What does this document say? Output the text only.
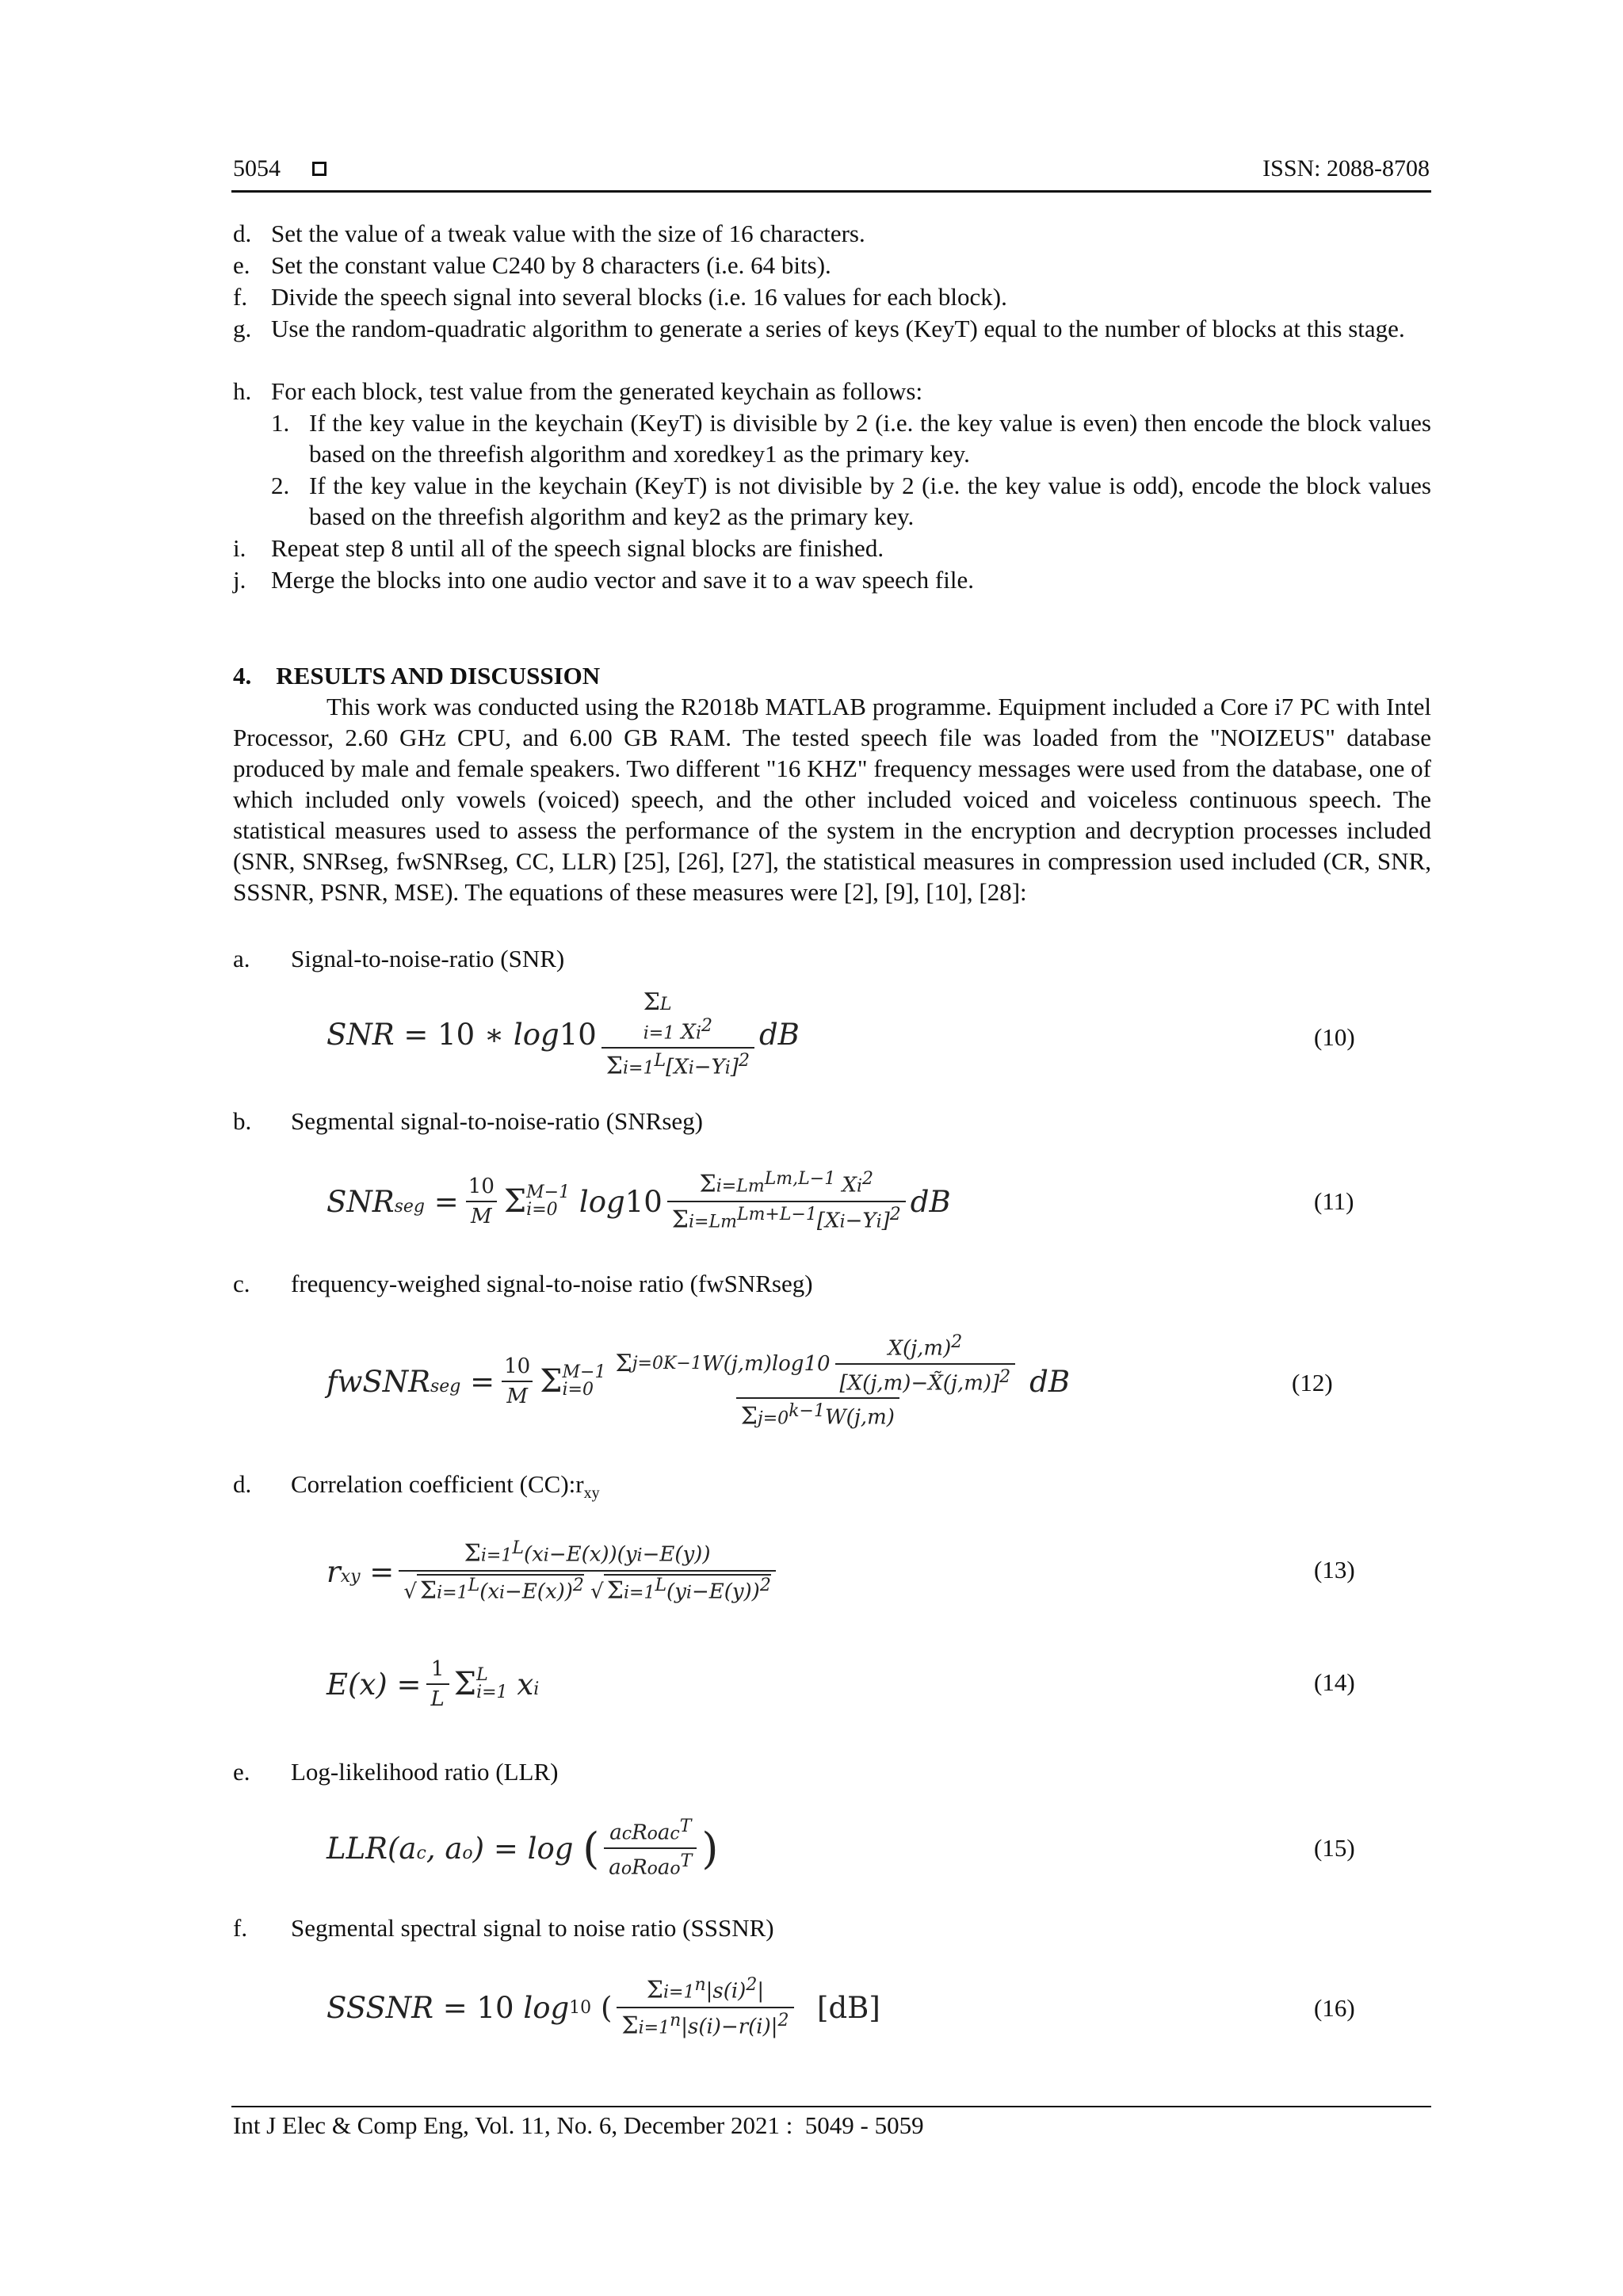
5054	ISSN: 2088-8708
d. Set the value of a tweak value with the size of 16 characters.
e. Set the constant value C240 by 8 characters (i.e. 64 bits).
f. Divide the speech signal into several blocks (i.e. 16 values for each block).
g. Use the random-quadratic algorithm to generate a series of keys (KeyT) equal to the number of blocks at this stage.
h. For each block, test value from the generated keychain as follows:
1. If the key value in the keychain (KeyT) is divisible by 2 (i.e. the key value is even) then encode the block values based on the threefish algorithm and xoredkey1 as the primary key.
2. If the key value in the keychain (KeyT) is not divisible by 2 (i.e. the key value is odd), encode the block values based on the threefish algorithm and key2 as the primary key.
i.	Repeat step 8 until all of the speech signal blocks are finished.
j.	Merge the blocks into one audio vector and save it to a wav speech file.
4. RESULTS AND DISCUSSION
This work was conducted using the R2018b MATLAB programme. Equipment included a Core i7 PC with Intel Processor, 2.60 GHz CPU, and 6.00 GB RAM. The tested speech file was loaded from the "NOIZEUS" database produced by male and female speakers. Two different "16 KHZ" frequency messages were used from the database, one of which included only vowels (voiced) speech, and the other included voiced and voiceless continuous speech. The statistical measures used to assess the performance of the system in the encryption and decryption processes included (SNR, SNRseg, fwSNRseg, CC, LLR) [25], [26], [27], the statistical measures in compression used included (CR, SNR, SSSNR, PSNR, MSE). The equations of these measures were [2], [9], [10], [28]:
a.	Signal-to-noise-ratio (SNR)
SNR
= 10 ∗
log 10
ΣL
i=1 Xi$^2$
$\Sigma i=1^L[Xi-Yi]^2$
dB	(10)
b.	Segmental signal-to-noise-ratio (SNRseg)
SNRseg
= $\frac{10}{M}$ Σ M−1
i=0
$\log 10 \frac{\Sigma i=Lm^{Lm,L-1} Xi^2}{\Sigma i=Lm^{Lm+L-1}[Xi-Yi]^2}$ dB	(11)
c.	frequency-weighed signal-to-noise ratio (fwSNRseg)
fwSNRseg
= $\frac{10}{M}$ Σ M−1
$i=0 \frac{\Sigma j=0 K-1 W(j,m)\log 10 \frac{X(j,m)^2}{[X(j,m)-X̃(j,m)]^2}}{\Sigma j=0^{k-1}W(j,m)}$ dB	(12)
d.	Correlation coefficient $(CC):r_{xy}$
rxy
= $\frac{\Sigma i=1^L(xi-E(x))(yi-E(y))}{√ \Sigma i=1^L(xi-E(x))^2 √ \Sigma i=1^L(yi-E(y))^2}$	(13)
E(x)
= $\frac{1}{L}$ Σ L
i=1
xi	(14)
e.	Log-likelihood ratio (LLR)
LLR(ac, ao)
=
log
( $\frac{acRoac^T}{aoRoao^T}$ )	(15)
f.	Segmental spectral signal to noise ratio (SSSNR)
SSSNR
= 10
log 10
( $\frac{\Sigma i=1^n|s(i)^2|}{\Sigma i=1^n|s(i)-r(i)|^2}$
[dB]	(16)
Int J Elec & Comp Eng, Vol. 11, No. 6, December 2021 :  5049 - 5059
